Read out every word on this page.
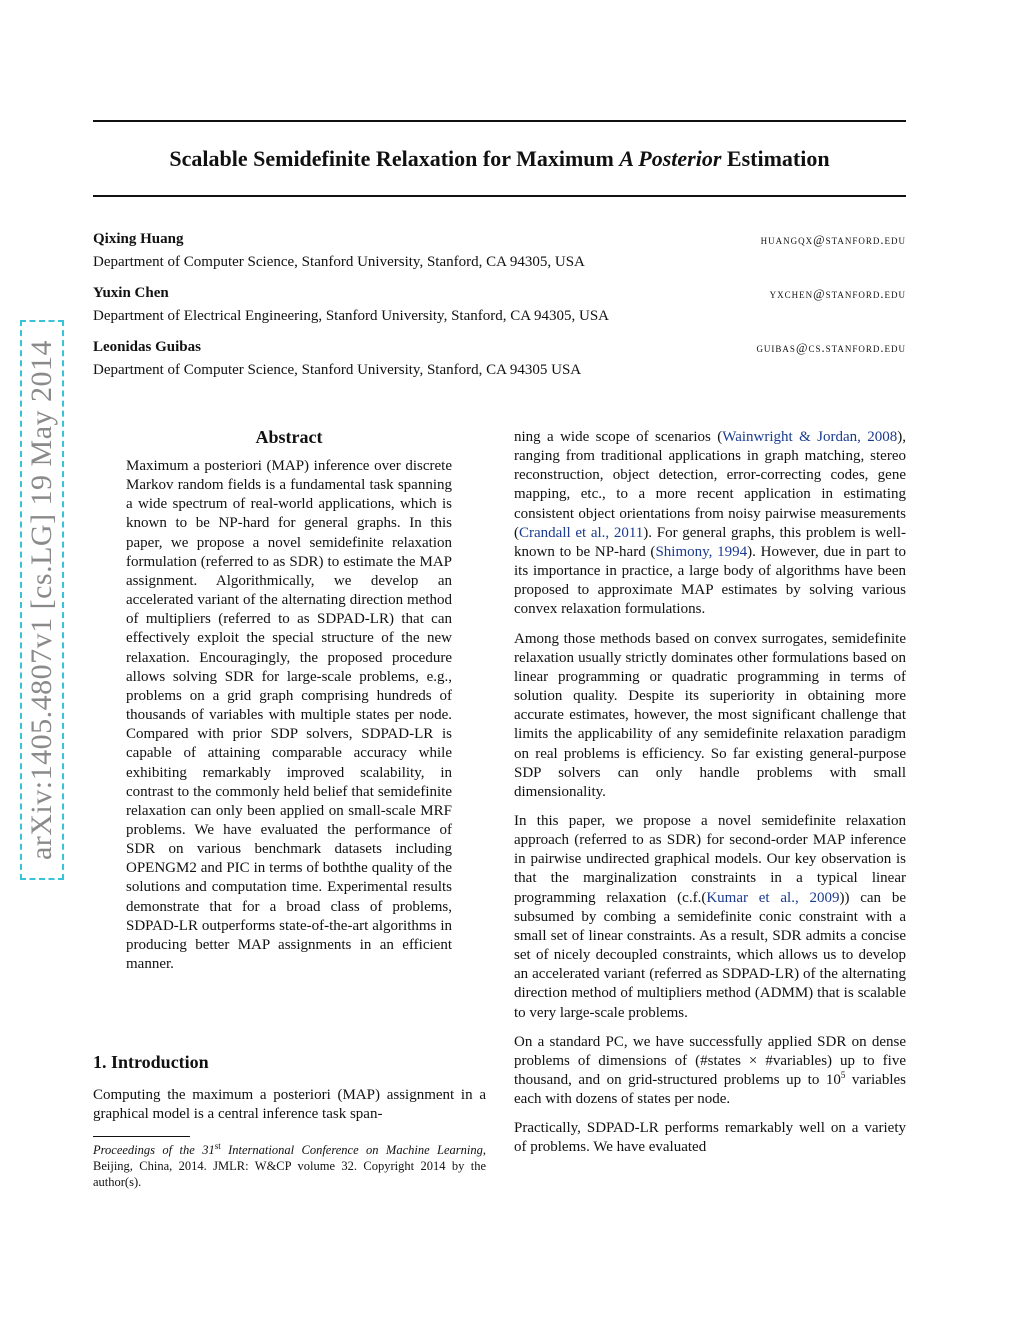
arXiv:1405.4807v1 [cs.LG] 19 May 2014
Scalable Semidefinite Relaxation for Maximum A Posterior Estimation
Qixing Huang	huangqx@stanford.edu
Department of Computer Science, Stanford University, Stanford, CA 94305, USA
Yuxin Chen	yxchen@stanford.edu
Department of Electrical Engineering, Stanford University, Stanford, CA 94305, USA
Leonidas Guibas	guibas@cs.stanford.edu
Department of Computer Science, Stanford University, Stanford, CA 94305 USA
Abstract
Maximum a posteriori (MAP) inference over discrete Markov random fields is a fundamental task spanning a wide spectrum of real-world applications, which is known to be NP-hard for general graphs. In this paper, we propose a novel semidefinite relaxation formulation (referred to as SDR) to estimate the MAP assignment. Algorithmically, we develop an accelerated variant of the alternating direction method of multipliers (referred to as SDPAD-LR) that can effectively exploit the special structure of the new relaxation. Encouragingly, the proposed procedure allows solving SDR for large-scale problems, e.g., problems on a grid graph comprising hundreds of thousands of variables with multiple states per node. Compared with prior SDP solvers, SDPAD-LR is capable of attaining comparable accuracy while exhibiting remarkably improved scalability, in contrast to the commonly held belief that semidefinite relaxation can only been applied on small-scale MRF problems. We have evaluated the performance of SDR on various benchmark datasets including OPENGM2 and PIC in terms of boththe quality of the solutions and computation time. Experimental results demonstrate that for a broad class of problems, SDPAD-LR outperforms state-of-the-art algorithms in producing better MAP assignments in an efficient manner.
1. Introduction
Computing the maximum a posteriori (MAP) assignment in a graphical model is a central inference task span-
Proceedings of the 31st International Conference on Machine Learning, Beijing, China, 2014. JMLR: W&CP volume 32. Copyright 2014 by the author(s).

ning a wide scope of scenarios (Wainwright & Jordan, 2008), ranging from traditional applications in graph matching, stereo reconstruction, object detection, error-correcting codes, gene mapping, etc., to a more recent application in estimating consistent object orientations from noisy pairwise measurements (Crandall et al., 2011). For general graphs, this problem is well-known to be NP-hard (Shimony, 1994). However, due in part to its importance in practice, a large body of algorithms have been proposed to approximate MAP estimates by solving various convex relaxation formulations.

Among those methods based on convex surrogates, semidefinite relaxation usually strictly dominates other formulations based on linear programming or quadratic programming in terms of solution quality. Despite its superiority in obtaining more accurate estimates, however, the most significant challenge that limits the applicability of any semidefinite relaxation paradigm on real problems is efficiency. So far existing general-purpose SDP solvers can only handle problems with small dimensionality.

In this paper, we propose a novel semidefinite relaxation approach (referred to as SDR) for second-order MAP inference in pairwise undirected graphical models. Our key observation is that the marginalization constraints in a typical linear programming relaxation (c.f.(Kumar et al., 2009)) can be subsumed by combing a semidefinite conic constraint with a small set of linear constraints. As a result, SDR admits a concise set of nicely decoupled constraints, which allows us to develop an accelerated variant (referred as SDPAD-LR) of the alternating direction method of multipliers method (ADMM) that is scalable to very large-scale problems.

On a standard PC, we have successfully applied SDR on dense problems of dimensions of (#states × #variables) up to five thousand, and on grid-structured problems up to $10^5$ variables each with dozens of states per node.

Practically, SDPAD-LR performs remarkably well on a variety of problems. We have evaluated
